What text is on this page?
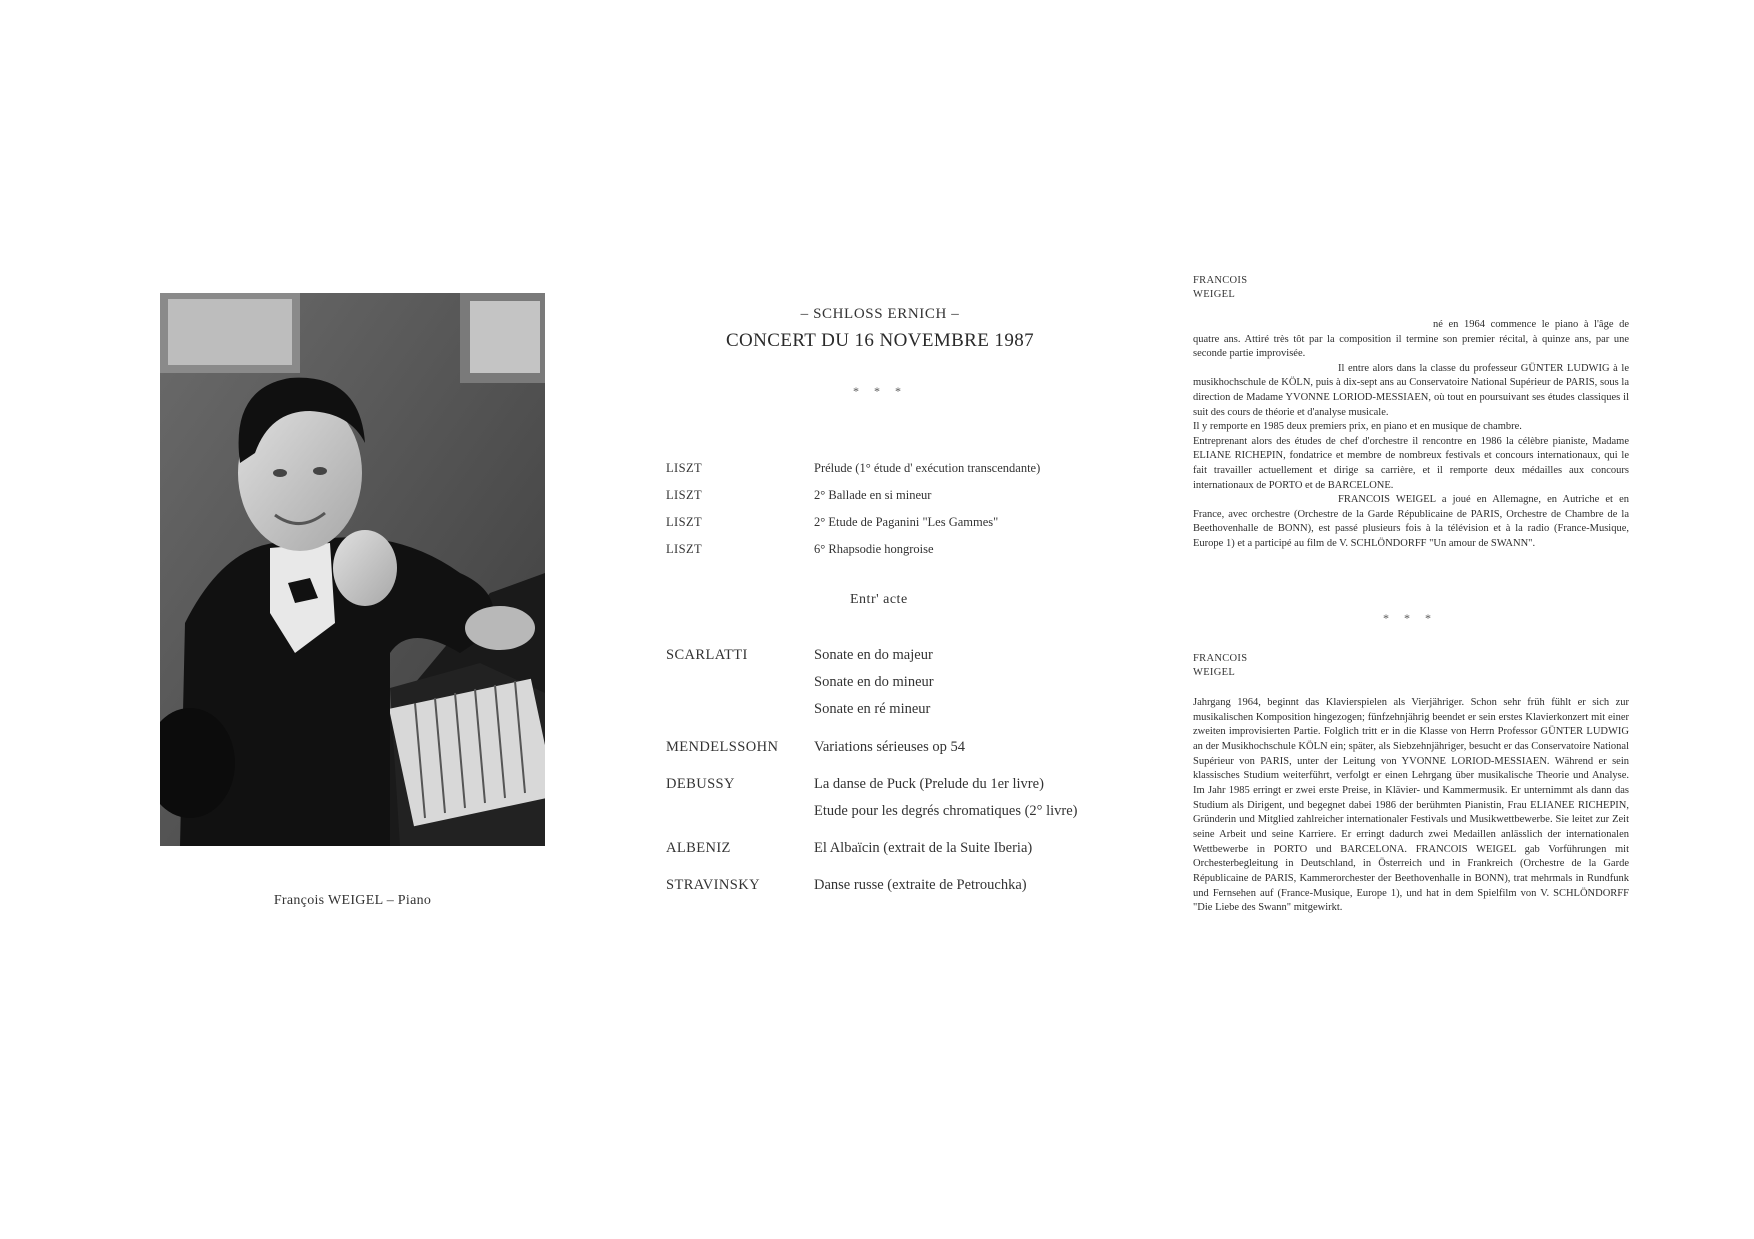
François WEIGEL – Piano
– SCHLOSS ERNICH –
CONCERT DU 16 NOVEMBRE 1987
* * *
LISZT	Prélude (1° étude d' exécution transcendante)
LISZT	2° Ballade en si mineur
LISZT	2° Etude de Paganini "Les Gammes"
LISZT	6° Rhapsodie hongroise
Entr' acte
SCARLATTI	Sonate en do majeur
Sonate en do mineur
Sonate en ré mineur
MENDELSSOHN Variations sérieuses op 54
DEBUSSY	La danse de Puck (Prelude du 1er livre)
Etude pour les degrés chromatiques (2° livre)
ALBENIZ	El Albaïcin (extrait de la Suite Iberia)
STRAVINSKY	Danse russe (extraite de Petrouchka)
FRANCOIS
WEIGEL

né en 1964 commence le piano à l'âge de quatre ans. Attiré très tôt par la composition il termine son premier récital, à quinze ans, par une seconde partie improvisée.

Il entre alors dans la classe du professeur GÜNTER LUDWIG à le musikhochschule de KÖLN, puis à dix-sept ans au Conservatoire National Supérieur de PARIS, sous la direction de Madame YVONNE LORIOD-MESSIAEN, où tout en poursuivant ses études classiques il suit des cours de théorie et d'analyse musicale.

Il y remporte en 1985 deux premiers prix, en piano et en musique de chambre.

Entreprenant alors des études de chef d'orchestre il rencontre en 1986 la célèbre pianiste, Madame ELIANE RICHEPIN, fondatrice et membre de nombreux festivals et concours internationaux, qui le fait travailler actuellement et dirige sa carrière, et il remporte deux médailles aux concours internationaux de PORTO et de BARCELONE.

FRANCOIS WEIGEL a joué en Allemagne, en Autriche et en France, avec orchestre (Orchestre de la Garde Républicaine de PARIS, Orchestre de Chambre de la Beethovenhalle de BONN), est passé plusieurs fois à la télévision et à la radio (France-Musique, Europe 1) et a participé au film de V. SCHLÖNDORFF "Un amour de SWANN".

* * *
FRANCOIS
WEIGEL

Jahrgang 1964, beginnt das Klavierspielen als Vierjähriger. Schon sehr früh fühlt er sich zur musikalischen Komposition hingezogen; fünfzehnjährig beendet er sein erstes Klavierkonzert mit einer zweiten improvisierten Partie. Folglich tritt er in die Klasse von Herrn Professor GÜNTER LUDWIG an der Musikhochschule KÖLN ein; später, als Siebzehnjähriger, besucht er das Conservatoire National Supérieur von PARIS, unter der Leitung von YVONNE LORIOD-MESSIAEN. Während er sein klassisches Studium weiterführt, verfolgt er einen Lehrgang über musikalische Theorie und Analyse. Im Jahr 1985 erringt er zwei erste Preise, in Klävier- und Kammermusik. Er unternimmt als dann das Studium als Dirigent, und begegnet dabei 1986 der berühmten Pianistin, Frau ELIANEE RICHEPIN, Gründerin und Mitglied zahlreicher internationaler Festivals und Musikwettbewerbe. Sie leitet zur Zeit seine Arbeit und seine Karriere. Er erringt dadurch zwei Medaillen anlässlich der internationalen Wettbewerbe in PORTO und BARCELONA. FRANCOIS WEIGEL gab Vorführungen mit Orchesterbegleitung in Deutschland, in Österreich und in Frankreich (Orchestre de la Garde Républicaine de PARIS, Kammerorchester der Beethovenhalle in BONN), trat mehrmals in Rundfunk und Fernsehen auf (France-Musique, Europe 1), und hat in dem Spielfilm von V. SCHLÖNDORFF "Die Liebe des Swann" mitgewirkt.
